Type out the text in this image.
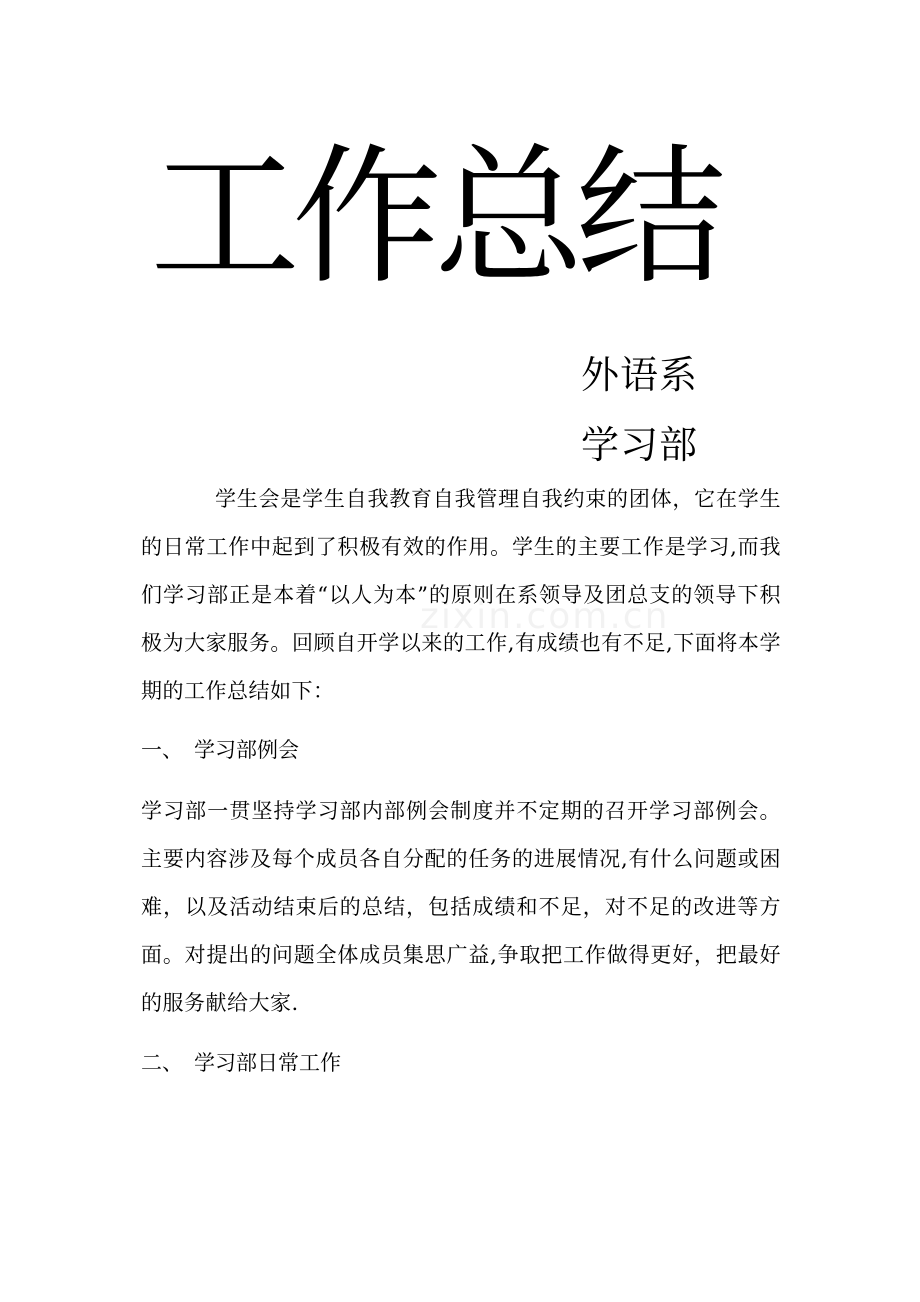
工作总结
外语系
学习部

学生会是学生自我教育自我管理自我约束的团体，它在学生的日常工作中起到了积极有效的作用。学生的主要工作是学习,而我们学习部正是本着“以人为本”的原则在系领导及团总支的领导下积极为大家服务。回顾自开学以来的工作,有成绩也有不足,下面将本学期的工作总结如下：

zixin.com.cn

一、 学习部例会

学习部一贯坚持学习部内部例会制度并不定期的召开学习部例会。主要内容涉及每个成员各自分配的任务的进展情况,有什么问题或困难，以及活动结束后的总结，包括成绩和不足，对不足的改进等方面。对提出的问题全体成员集思广益,争取把工作做得更好，把最好的服务献给大家.

二、 学习部日常工作
